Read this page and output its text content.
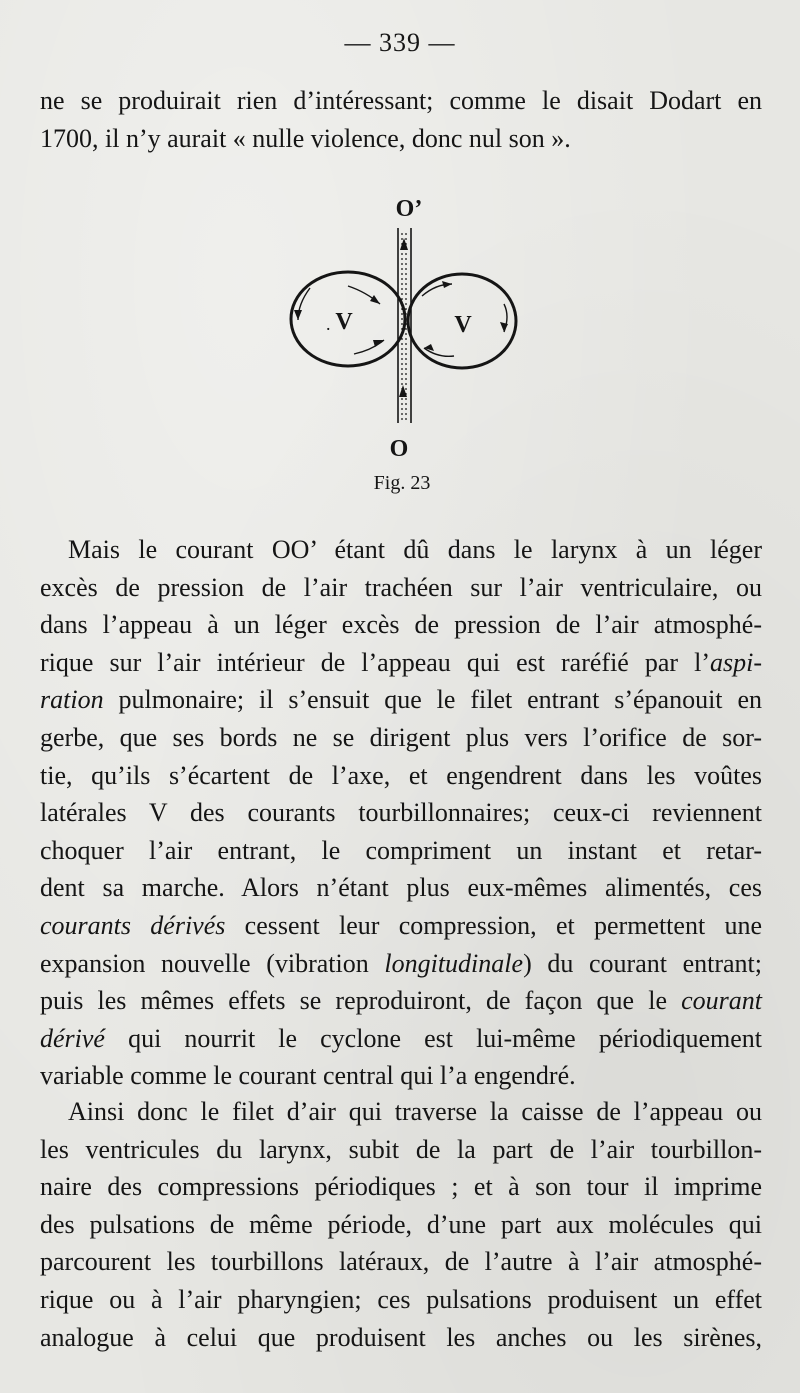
— 339 —
ne se produirait rien d’intéressant; comme le disait Dodart en
1700, il n’y aurait « nulle violence, donc nul son ».
O’
O
V	V
.
Fig. 23
Mais le courant OO’ étant dû dans le larynx à un léger
excès de pression de l’air trachéen sur l’air ventriculaire, ou
dans l’appeau à un léger excès de pression de l’air atmosphé-
rique sur l’air intérieur de l’appeau qui est raréfié par l’aspi-
ration pulmonaire; il s’ensuit que le filet entrant s’épanouit en
gerbe, que ses bords ne se dirigent plus vers l’orifice de sor-
tie, qu’ils s’écartent de l’axe, et engendrent dans les voûtes
latérales V des courants tourbillonnaires; ceux-ci reviennent
choquer l’air entrant, le compriment un instant et retar-
dent sa marche. Alors n’étant plus eux-mêmes alimentés, ces
courants dérivés cessent leur compression, et permettent une
expansion nouvelle (vibration longitudinale) du courant entrant;
puis les mêmes effets se reproduiront, de façon que le courant
dérivé qui nourrit le cyclone est lui-même périodiquement
variable comme le courant central qui l’a engendré.
Ainsi donc le filet d’air qui traverse la caisse de l’appeau ou
les ventricules du larynx, subit de la part de l’air tourbillon-
naire des compressions périodiques ; et à son tour il imprime
des pulsations de même période, d’une part aux molécules qui
parcourent les tourbillons latéraux, de l’autre à l’air atmosphé-
rique ou à l’air pharyngien; ces pulsations produisent un effet
analogue à celui que produisent les anches ou les sirènes,
